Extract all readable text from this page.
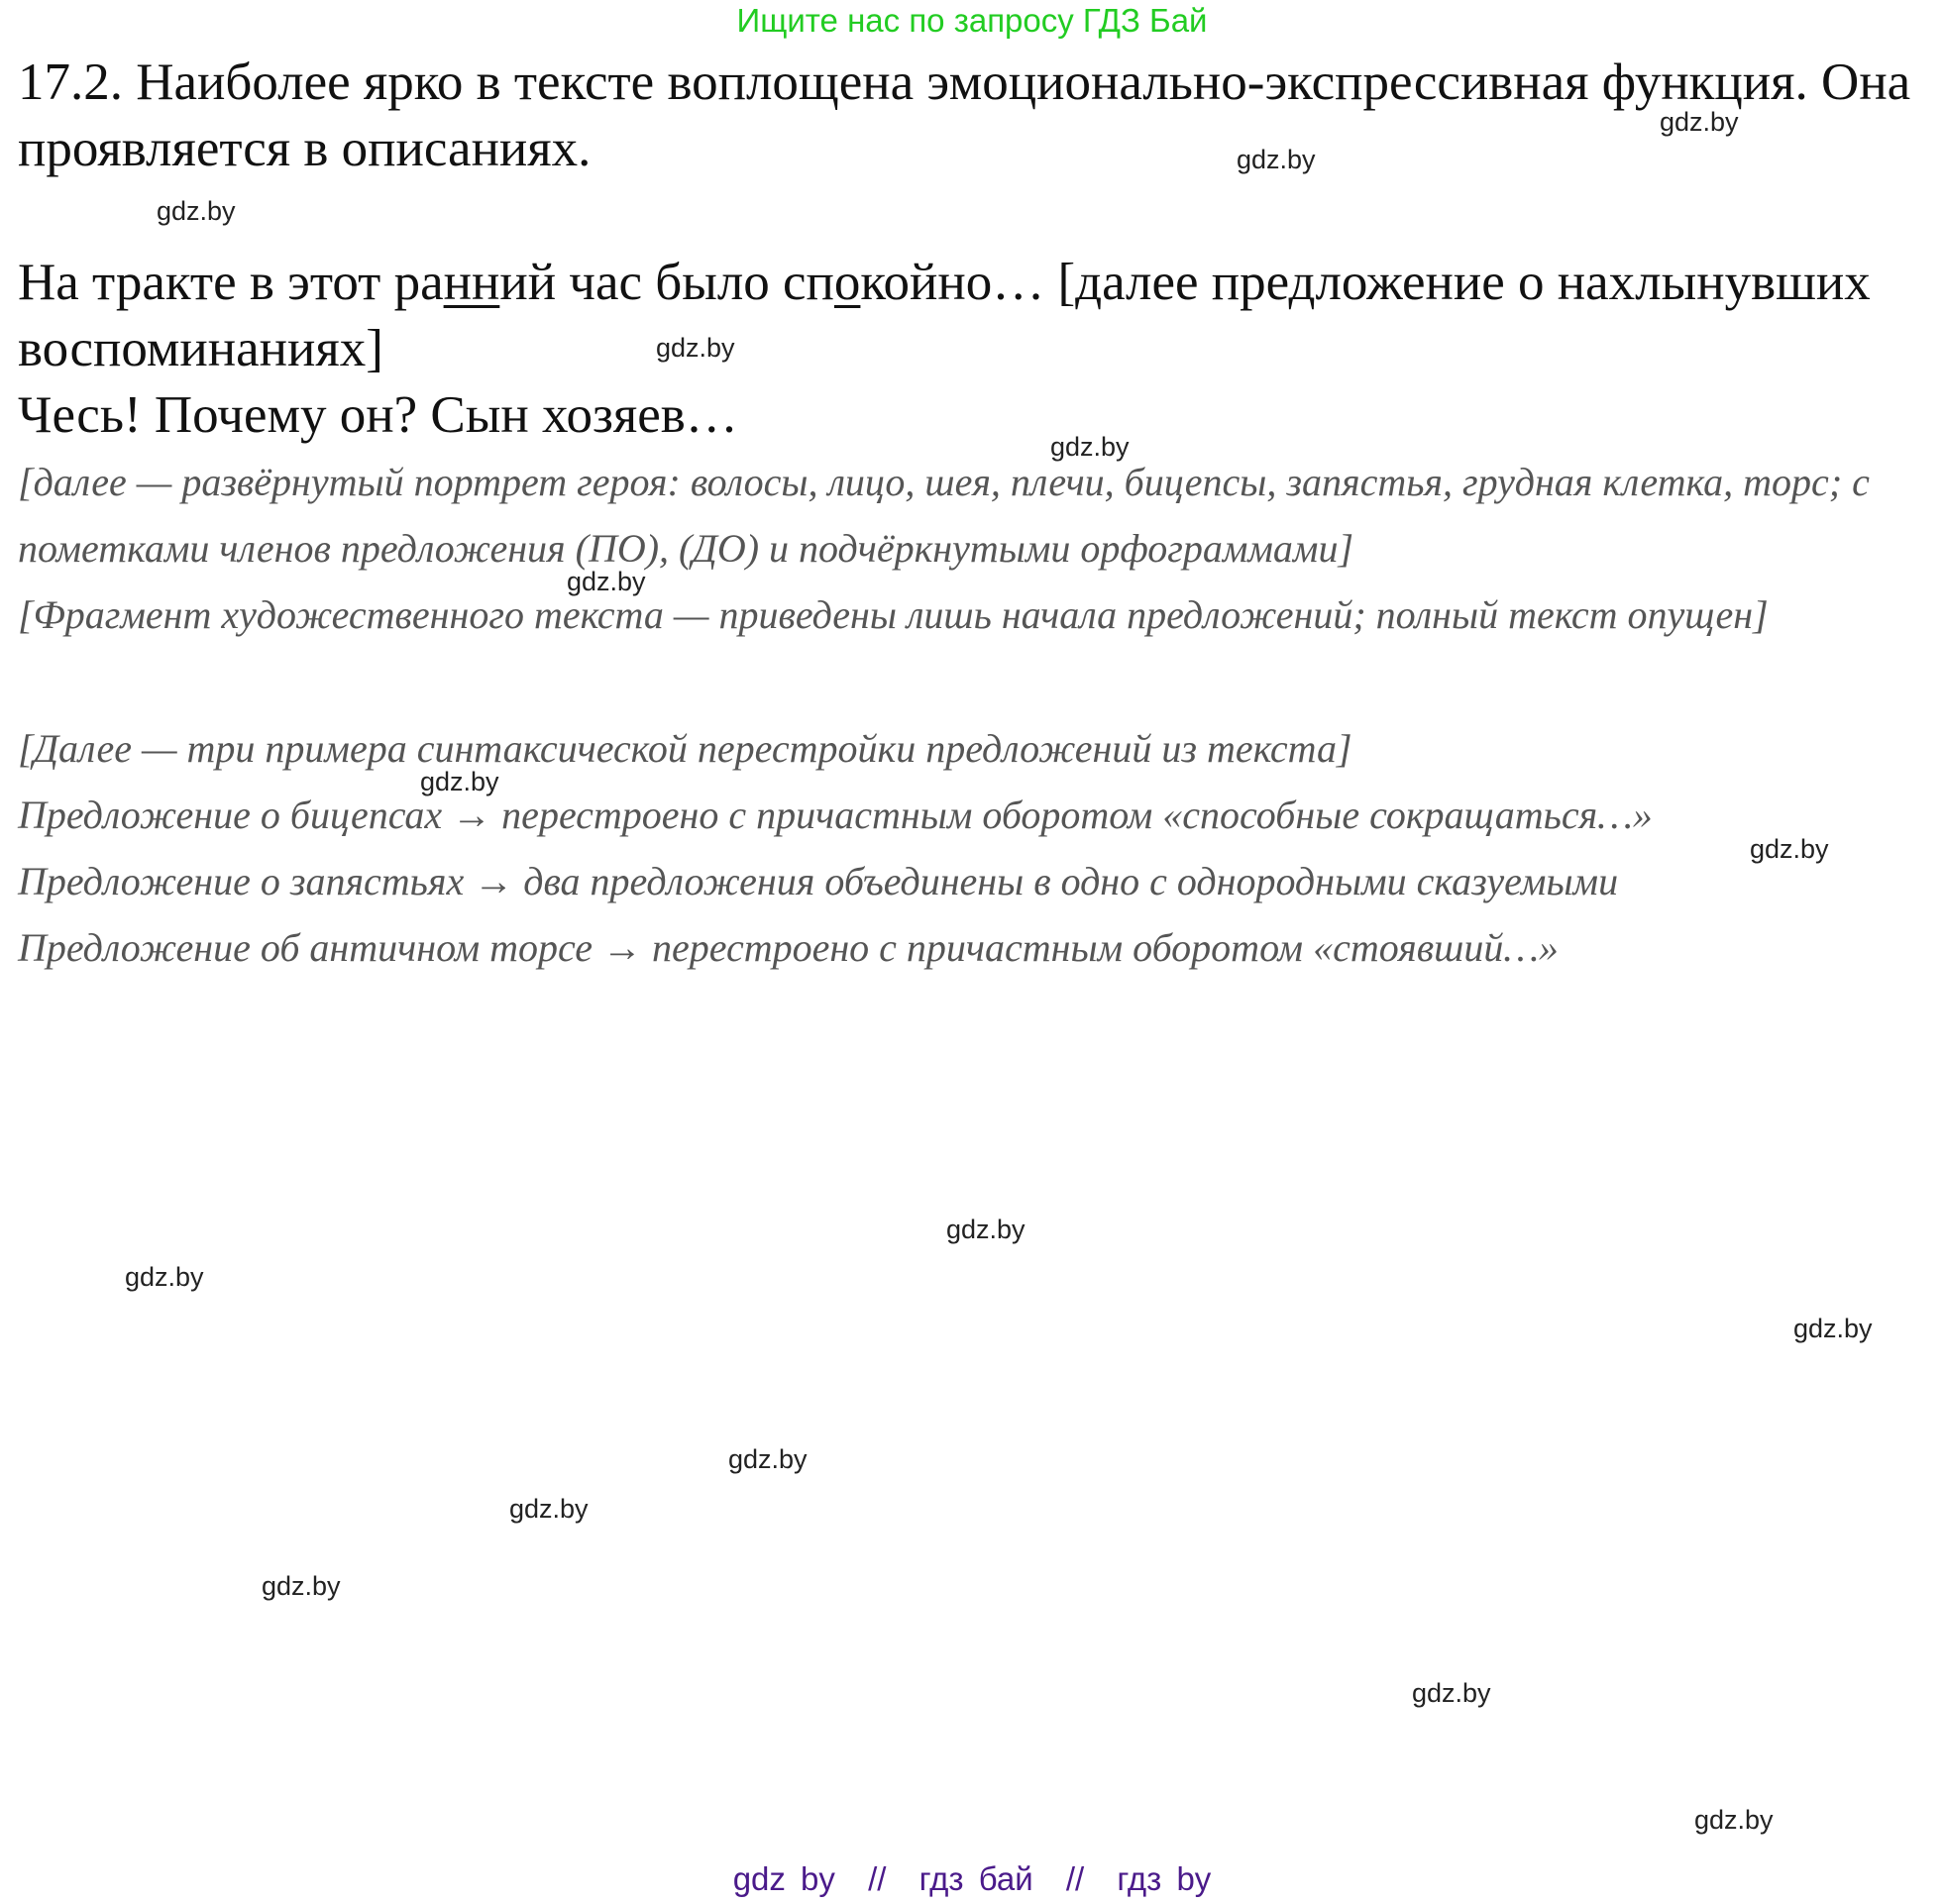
Ищите нас по запросу ГДЗ Бай

17.2. Наиболее ярко в тексте воплощена эмоционально-экспрессивная функция. Она проявляется в описаниях.

На тракте в этот ранний час было спокойно… [далее предложение о нахлынувших воспоминаниях]

Чесь! Почему он? Сын хозяев…

[далее — развёрнутый портрет героя: волосы, лицо, шея, плечи, бицепсы, запястья, грудная клетка, торс; с пометками членов предложения (ПО), (ДО) и подчёркнутыми орфограммами]

[Фрагмент художественного текста — приведены лишь начала предложений; полный текст опущен]

[Далее — три примера синтаксической перестройки предложений из текста]

Предложение о бицепсах → перестроено с причастным оборотом «способные сокращаться…»

Предложение о запястьях → два предложения объединены в одно с однородными сказуемыми

Предложение об античном торсе → перестроено с причастным оборотом «стоявший…»

gdz.by
gdz.by
gdz.by
gdz.by
gdz.by
gdz.by
gdz.by
gdz.by
gdz.by
gdz.by
gdz.by
gdz.by
gdz.by
gdz.by
gdz.by
gdz.by
gdz by // гдз бай // гдз by
